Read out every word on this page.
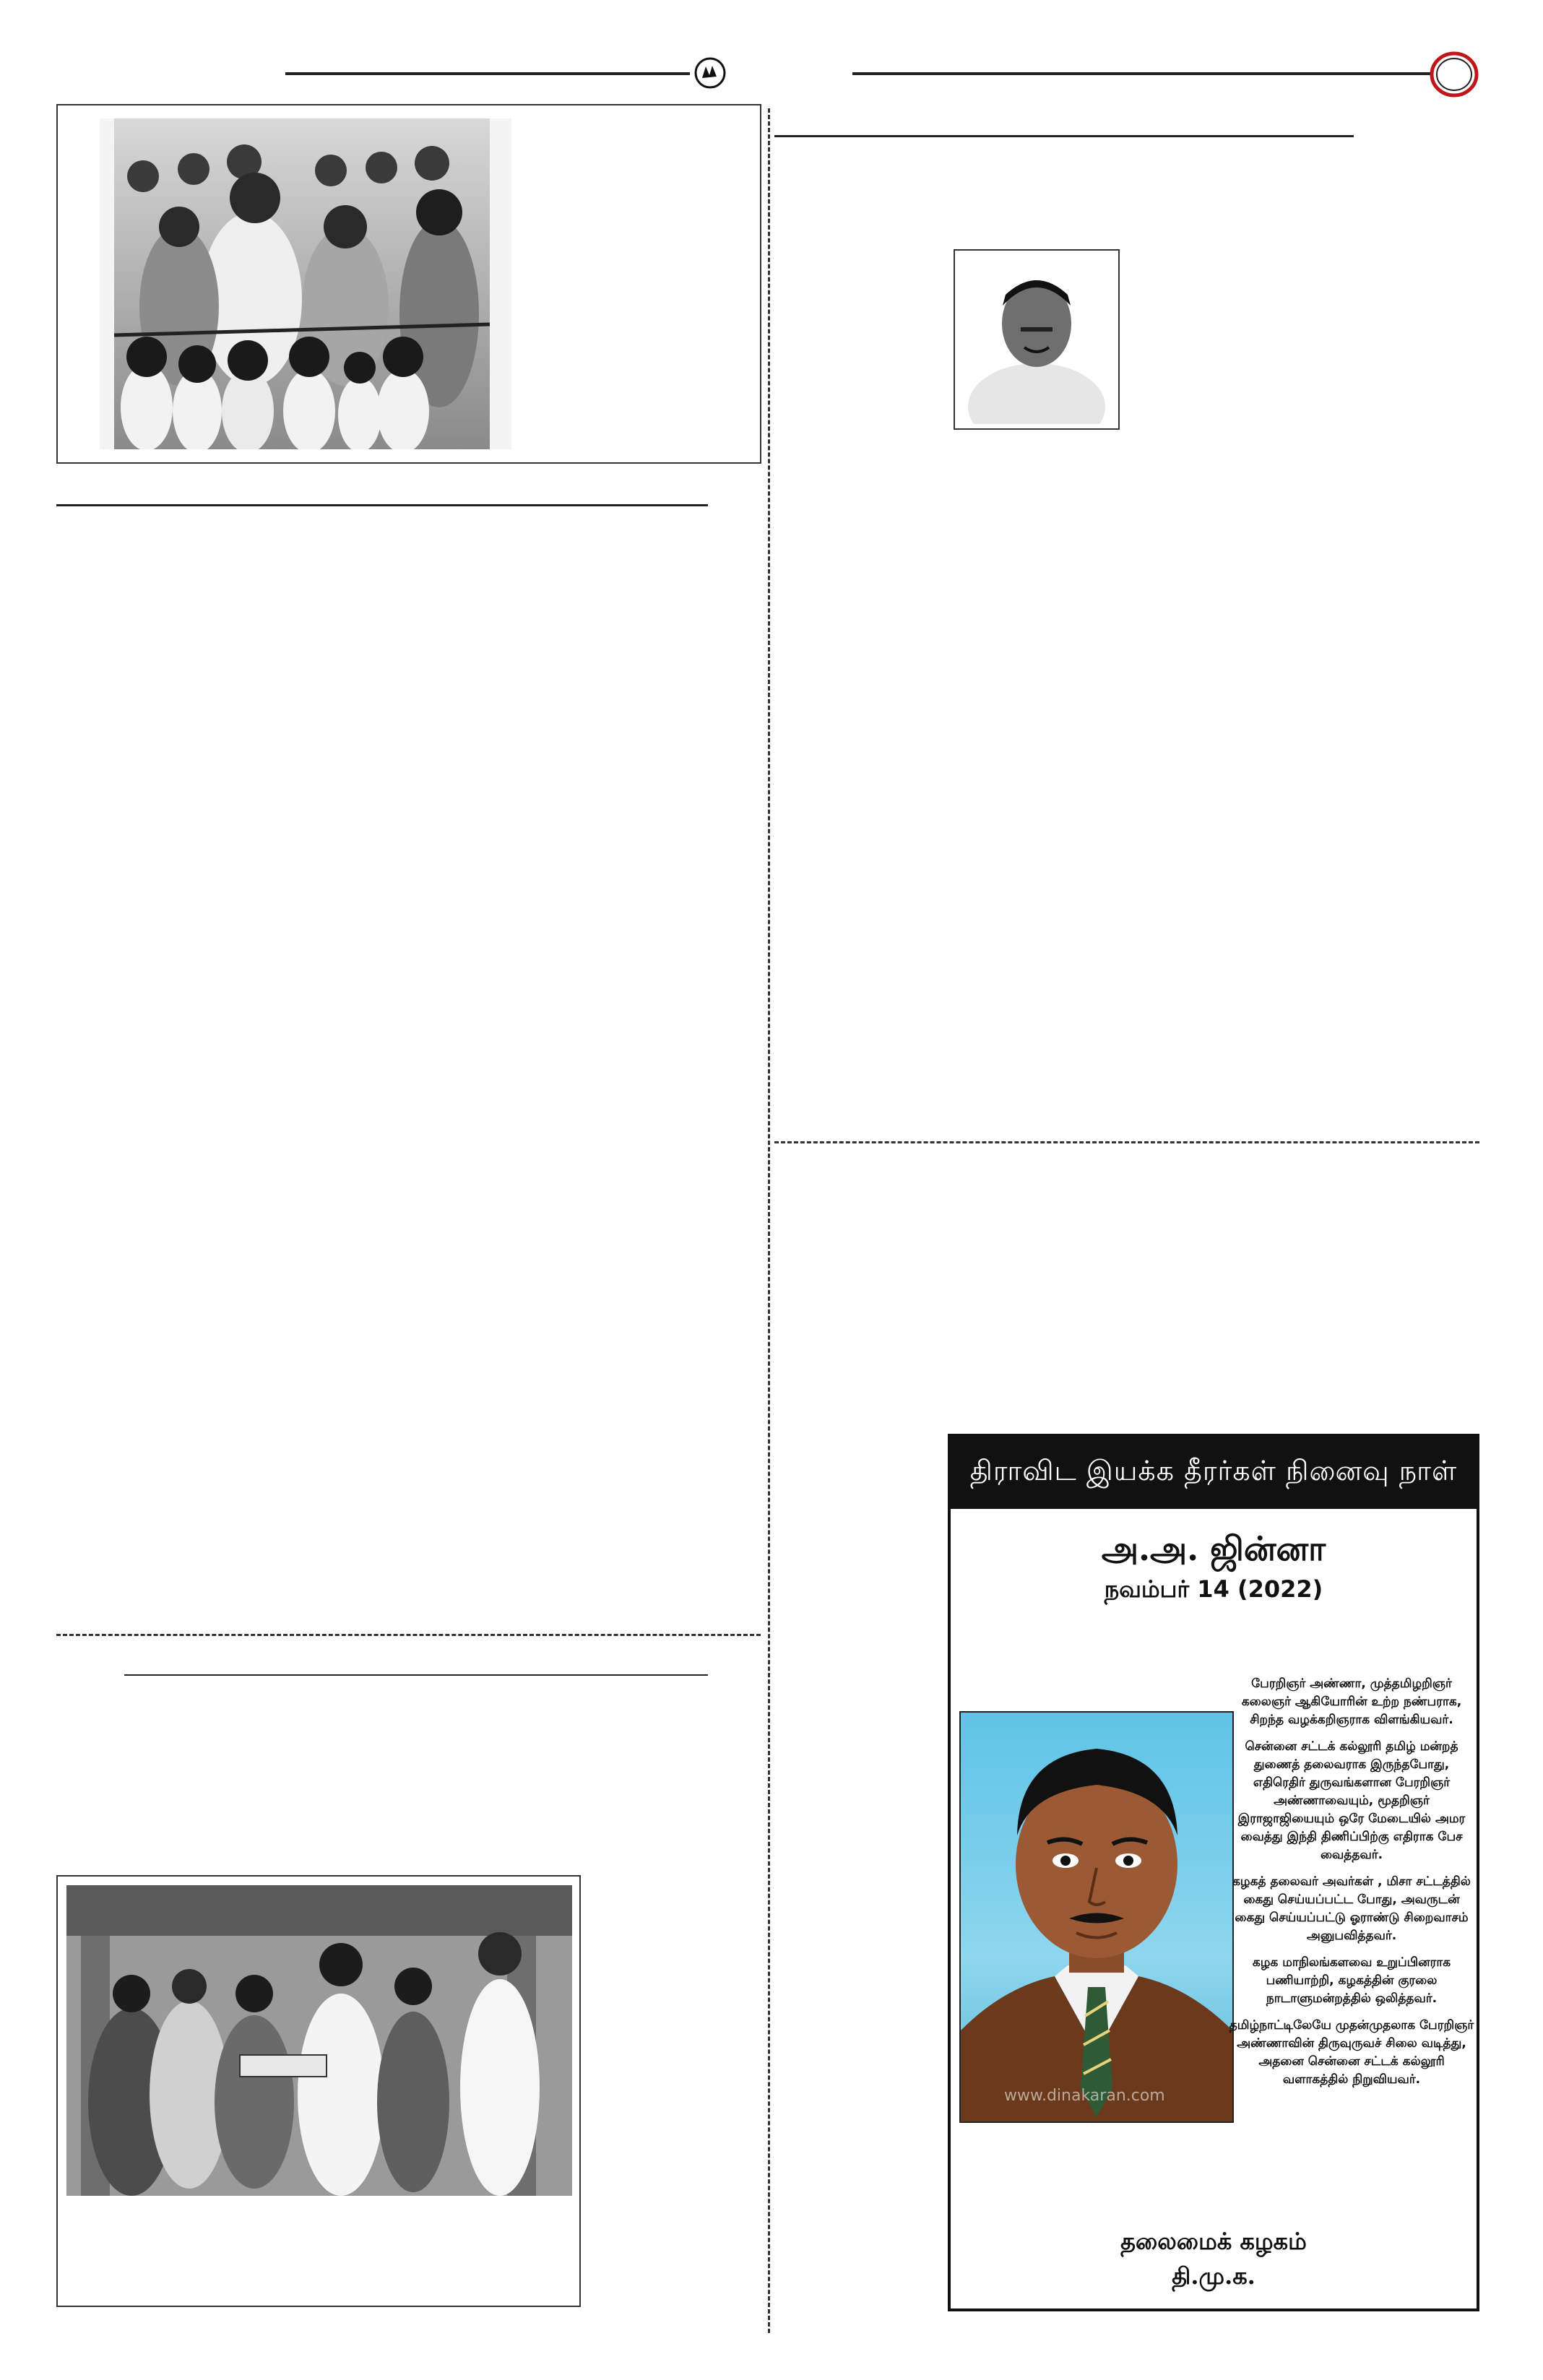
திராவிட இயக்க தீரர்கள் நினைவு நாள்
அ.அ. ஜின்னா
நவம்பர் 14 (2022)
www.dinakaran.com

பேரறிஞர் அண்ணா, முத்தமிழறிஞர் கலைஞர் ஆகியோரின் உற்ற நண்பராக, சிறந்த வழக்கறிஞராக விளங்கியவர்.

சென்னை சட்டக் கல்லூரி தமிழ் மன்றத் துணைத் தலைவராக இருந்தபோது, எதிரெதிர் துருவங்களான பேரறிஞர் அண்ணாவையும், மூதறிஞர் இராஜாஜியையும் ஒரே மேடையில் அமர வைத்து இந்தி திணிப்பிற்கு எதிராக பேச வைத்தவர்.

கழகத் தலைவர் அவர்கள் , மிசா சட்டத்தில் கைது செய்யப்பட்ட போது, அவருடன் கைது செய்யப்பட்டு ஓராண்டு சிறைவாசம் அனுபவித்தவர்.

கழக மாநிலங்களவை உறுப்பினராக பணியாற்றி, கழகத்தின் குரலை நாடாளுமன்றத்தில் ஒலித்தவர்.

தமிழ்நாட்டிலேயே முதன்முதலாக பேரறிஞர் அண்ணாவின் திருவுருவச் சிலை வடித்து, அதனை சென்னை சட்டக் கல்லூரி வளாகத்தில் நிறுவியவர்.

தலைமைக் கழகம்
தி.மு.க.
